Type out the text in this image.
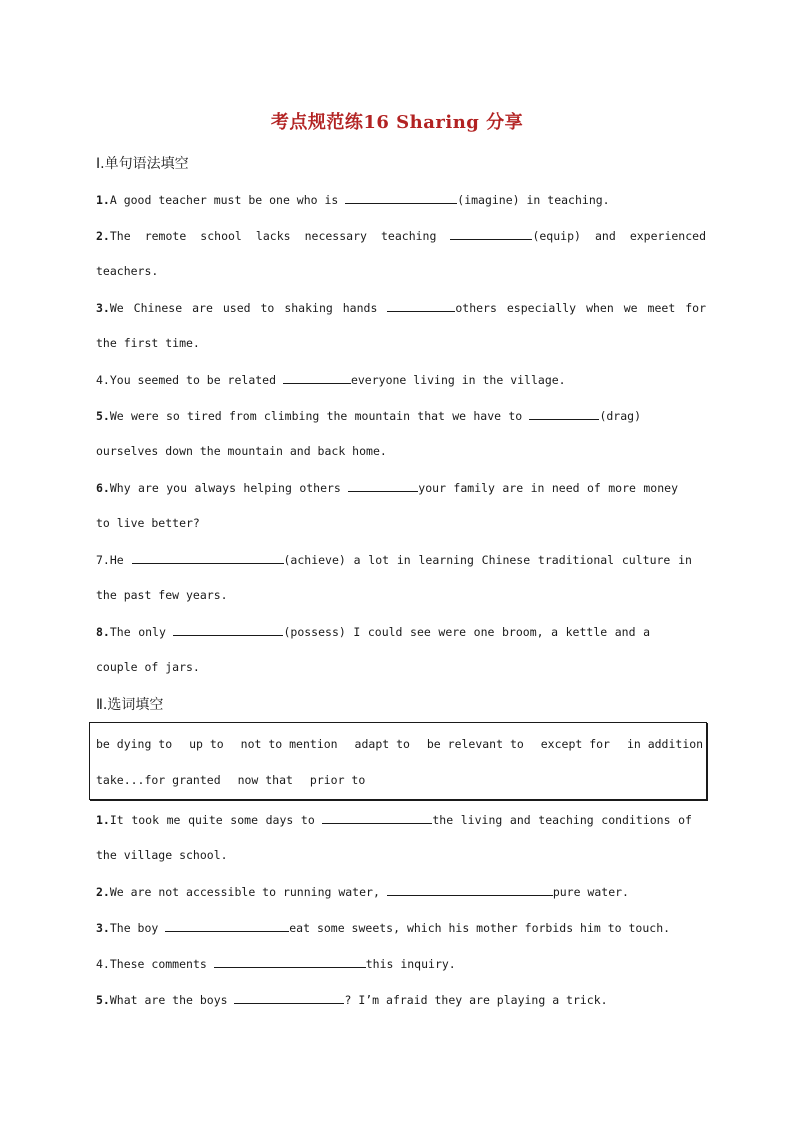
考点规范练16 Sharing 分享
Ⅰ.单句语法填空
1.A good teacher must be one who is	(imagine) in teaching.
2.The remote school lacks necessary teaching	(equip) and experienced
teachers.
3.We Chinese are used to shaking hands	others especially when we meet for
the first time.
4.You seemed to be related	everyone living in the village.
5.We were so tired from climbing the mountain that we have to	(drag)
ourselves down the mountain and back home.
6.Why are you always helping others	your family are in need of more money
to live better?
7.He	(achieve) a lot in learning Chinese traditional culture in
the past few years.
8.The only	(possess) I could see were one broom, a kettle and a
couple of jars.
Ⅱ.选词填空
be dying to up to not to mention adapt to be relevant to except for in addition
take...for granted now that prior to
1.It took me quite some days to	the living and teaching conditions of
the village school.
2.We are not accessible to running water,	pure water.
3.The boy	eat some sweets, which his mother forbids him to touch.
4.These comments	this inquiry.
5.What are the boys	? I’m afraid they are playing a trick.
